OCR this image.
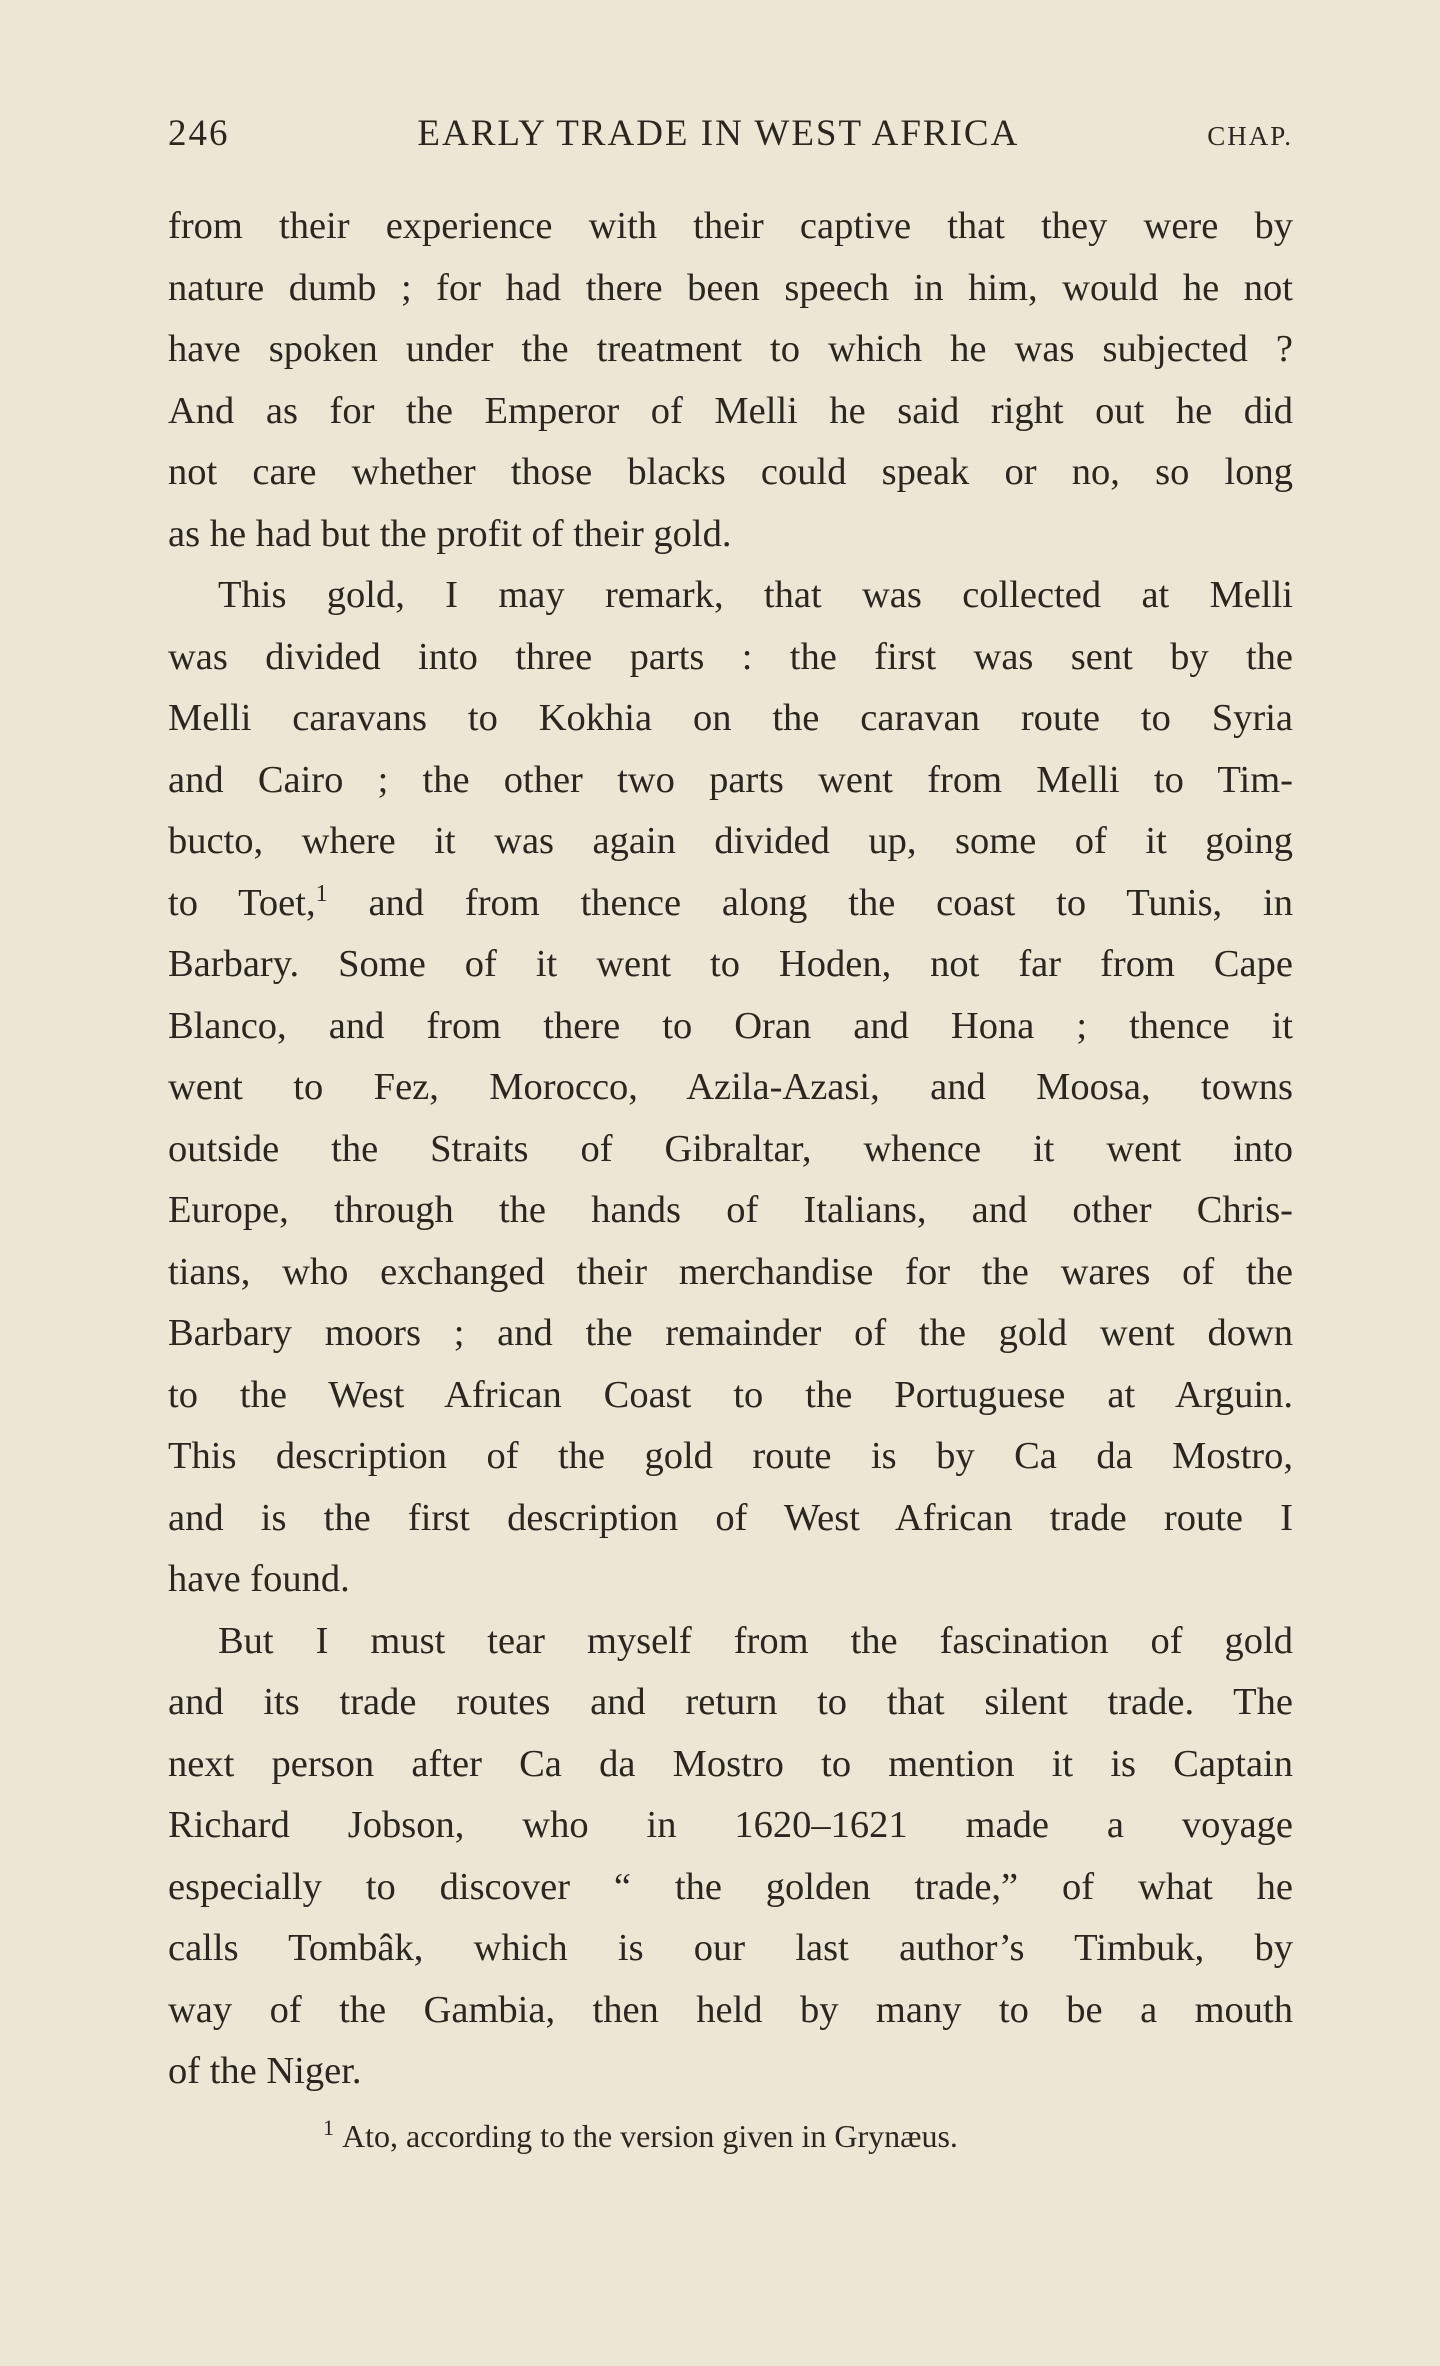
246	EARLY TRADE IN WEST AFRICA	CHAP.
from their experience with their captive that they were by
nature dumb ; for had there been speech in him, would he not
have spoken under the treatment to which he was subjected ?
And as for the Emperor of Melli he said right out he did
not care whether those blacks could speak or no, so long
as he had but the profit of their gold.
This gold, I may remark, that was collected at Melli
was divided into three parts : the first was sent by the
Melli caravans to Kokhia on the caravan route to Syria
and Cairo ; the other two parts went from Melli to Tim-
bucto, where it was again divided up, some of it going
to Toet,$^1$ and from thence along the coast to Tunis, in
Barbary. Some of it went to Hoden, not far from Cape
Blanco, and from there to Oran and Hona ; thence it
went to Fez, Morocco, Azila-Azasi, and Moosa, towns
outside the Straits of Gibraltar, whence it went into
Europe, through the hands of Italians, and other Chris-
tians, who exchanged their merchandise for the wares of the
Barbary moors ; and the remainder of the gold went down
to the West African Coast to the Portuguese at Arguin.
This description of the gold route is by Ca da Mostro,
and is the first description of West African trade route I
have found.
But I must tear myself from the fascination of gold
and its trade routes and return to that silent trade. The
next person after Ca da Mostro to mention it is Captain
Richard Jobson, who in 1620–1621 made a voyage
especially to discover “ the golden trade,” of what he
calls Tombâk, which is our last author’s Timbuk, by
way of the Gambia, then held by many to be a mouth
of the Niger.
$^1$ Ato, according to the version given in Grynæus.
